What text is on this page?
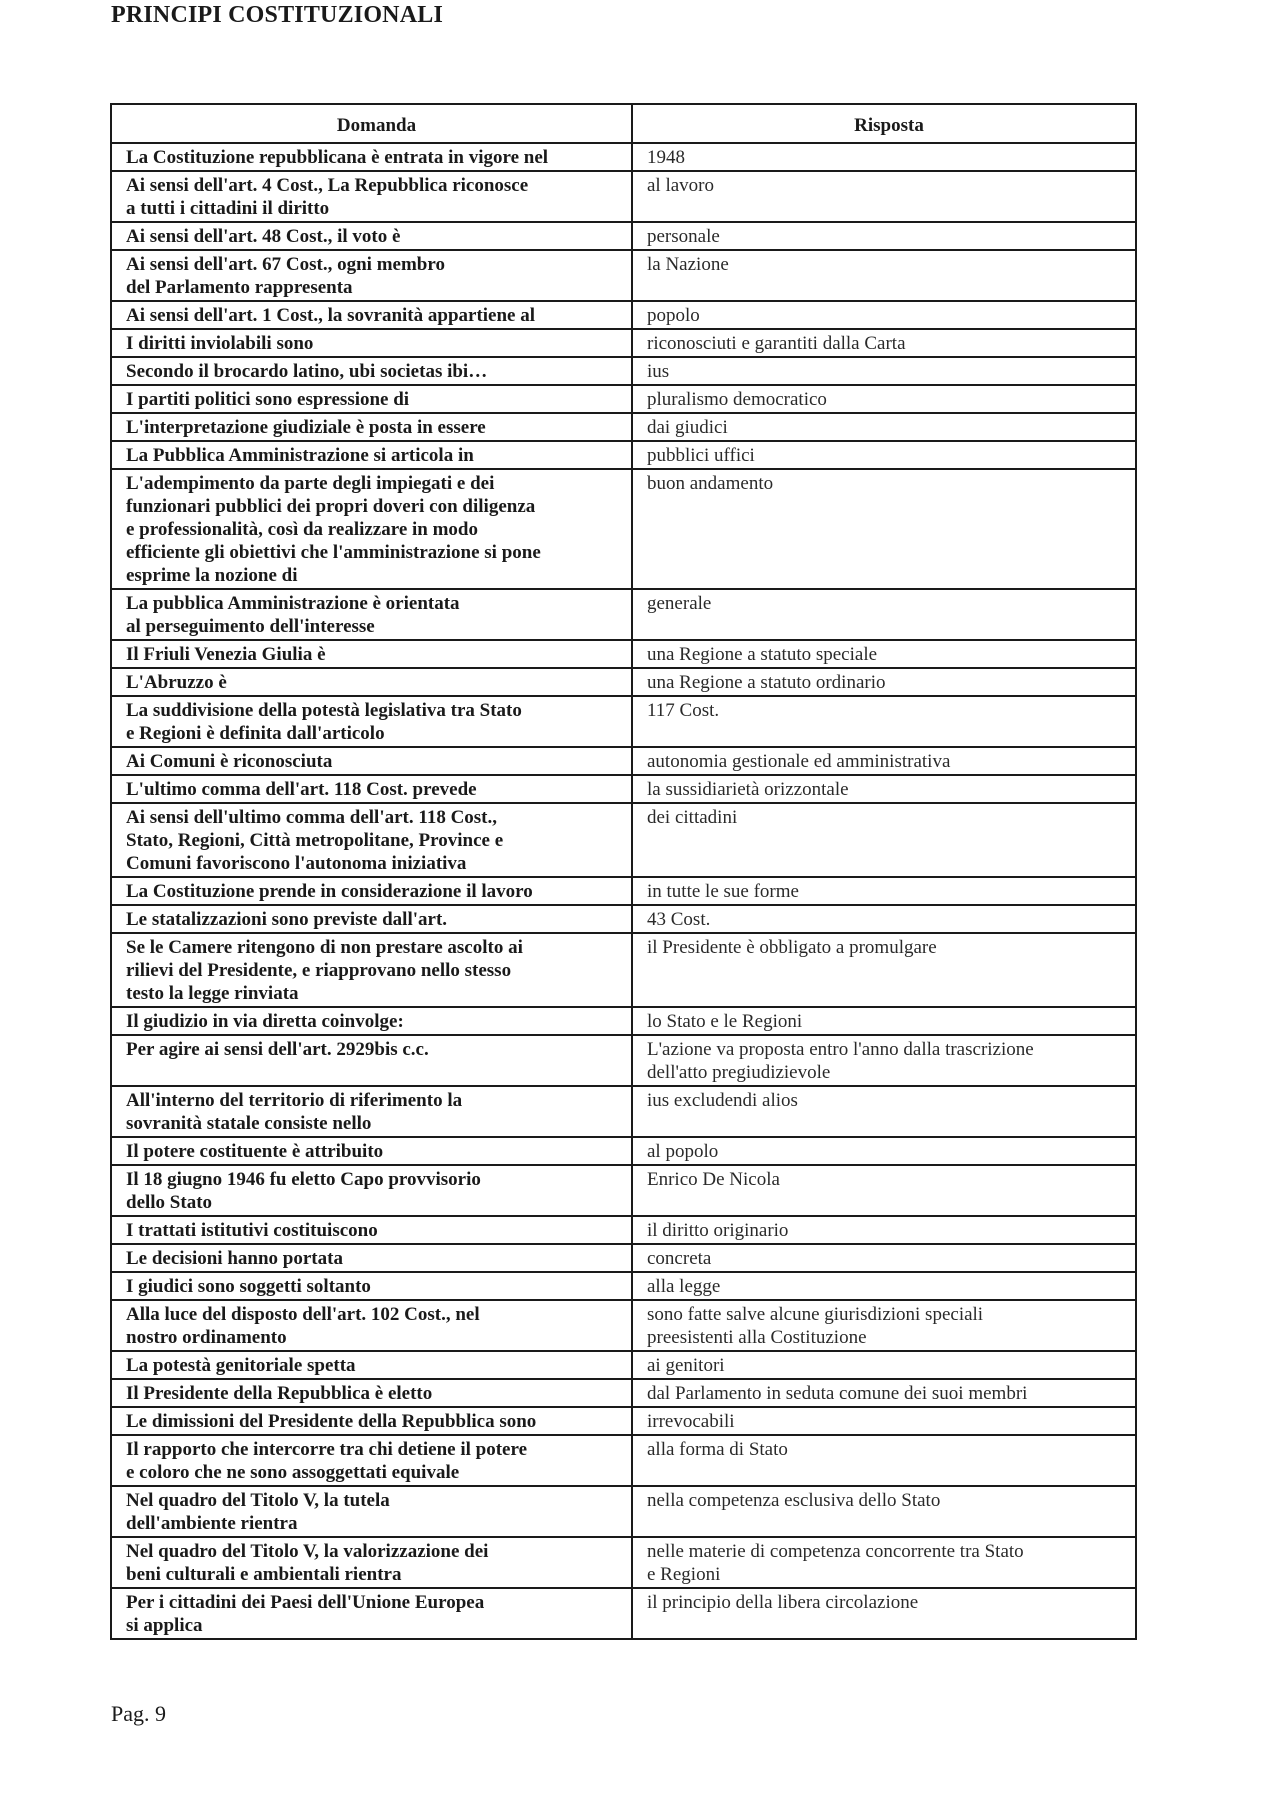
PRINCIPI COSTITUZIONALI
Domanda	Risposta
La Costituzione repubblicana è entrata in vigore nel	1948
Ai sensi dell'art. 4 Cost., La Repubblica riconosce
a tutti i cittadini il diritto	al lavoro
Ai sensi dell'art. 48 Cost., il voto è	personale
Ai sensi dell'art. 67 Cost., ogni membro
del Parlamento rappresenta	la Nazione
Ai sensi dell'art. 1 Cost., la sovranità appartiene al	popolo
I diritti inviolabili sono	riconosciuti e garantiti dalla Carta
Secondo il brocardo latino, ubi societas ibi…	ius
I partiti politici sono espressione di	pluralismo democratico
L'interpretazione giudiziale è posta in essere	dai giudici
La Pubblica Amministrazione si articola in	pubblici uffici
L'adempimento da parte degli impiegati e dei
funzionari pubblici dei propri doveri con diligenza
e professionalità, così da realizzare in modo
efficiente gli obiettivi che l'amministrazione si pone
esprime la nozione di	buon andamento
La pubblica Amministrazione è orientata
al perseguimento dell'interesse	generale
Il Friuli Venezia Giulia è	una Regione a statuto speciale
L'Abruzzo è	una Regione a statuto ordinario
La suddivisione della potestà legislativa tra Stato
e Regioni è definita dall'articolo	117 Cost.
Ai Comuni è riconosciuta	autonomia gestionale ed amministrativa
L'ultimo comma dell'art. 118 Cost. prevede	la sussidiarietà orizzontale
Ai sensi dell'ultimo comma dell'art. 118 Cost.,
Stato, Regioni, Città metropolitane, Province e
Comuni favoriscono l'autonoma iniziativa	dei cittadini
La Costituzione prende in considerazione il lavoro	in tutte le sue forme
Le statalizzazioni sono previste dall'art.	43 Cost.
Se le Camere ritengono di non prestare ascolto ai
rilievi del Presidente, e riapprovano nello stesso
testo la legge rinviata	il Presidente è obbligato a promulgare
Il giudizio in via diretta coinvolge:	lo Stato e le Regioni
Per agire ai sensi dell'art. 2929bis c.c.	L'azione va proposta entro l'anno dalla trascrizione
dell'atto pregiudizievole
All'interno del territorio di riferimento la
sovranità statale consiste nello	ius excludendi alios
Il potere costituente è attribuito	al popolo
Il 18 giugno 1946 fu eletto Capo provvisorio
dello Stato	Enrico De Nicola
I trattati istitutivi costituiscono	il diritto originario
Le decisioni hanno portata	concreta
I giudici sono soggetti soltanto	alla legge
Alla luce del disposto dell'art. 102 Cost., nel
nostro ordinamento	sono fatte salve alcune giurisdizioni speciali
preesistenti alla Costituzione
La potestà genitoriale spetta	ai genitori
Il Presidente della Repubblica è eletto	dal Parlamento in seduta comune dei suoi membri
Le dimissioni del Presidente della Repubblica sono	irrevocabili
Il rapporto che intercorre tra chi detiene il potere
e coloro che ne sono assoggettati equivale	alla forma di Stato
Nel quadro del Titolo V, la tutela
dell'ambiente rientra	nella competenza esclusiva dello Stato
Nel quadro del Titolo V, la valorizzazione dei
beni culturali e ambientali rientra	nelle materie di competenza concorrente tra Stato
e Regioni
Per i cittadini dei Paesi dell'Unione Europea
si applica	il principio della libera circolazione
Pag. 9
